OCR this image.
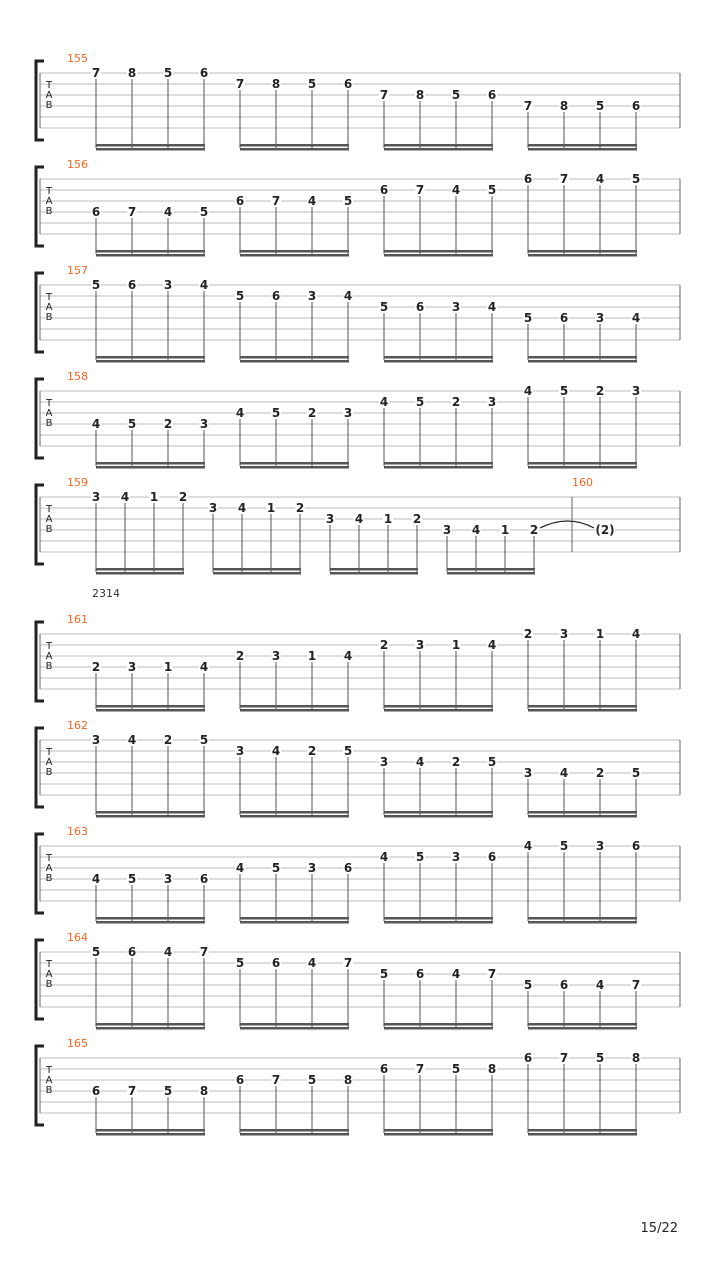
T
A
B
155
7 8 5 6
7 8 5 6
7 8 5 6
7 8 5 6
T
A
B
156
6 7 4 5
6 7 4 5
6 7 4 5
6 7 4 5
T
A
B
157
5 6 3 4
5 6 3 4
5 6 3 4
5 6 3 4
T
A
B
158
4 5 2 3
4 5 2 3
4 5 2 3
4 5 2 3
T
A
B
159
3 4 1 2
3 4 1 2
3 4 1 2
3 4 1 2
160
(2)
T
A
B
161
2 3 1 4
2 3 1 4
2 3 1 4
2 3 1 4
T
A
B
162
3 4 2 5
3 4 2 5
3 4 2 5
3 4 2 5
T
A
B
163
4 5 3 6
4 5 3 6
4 5 3 6
4 5 3 6
T
A
B
164
5 6 4 7
5 6 4 7
5 6 4 7
5 6 4 7
T
A
B
165
6 7 5 8
6 7 5 8
6 7 5 8
6 7 5 8
2314
15/22
